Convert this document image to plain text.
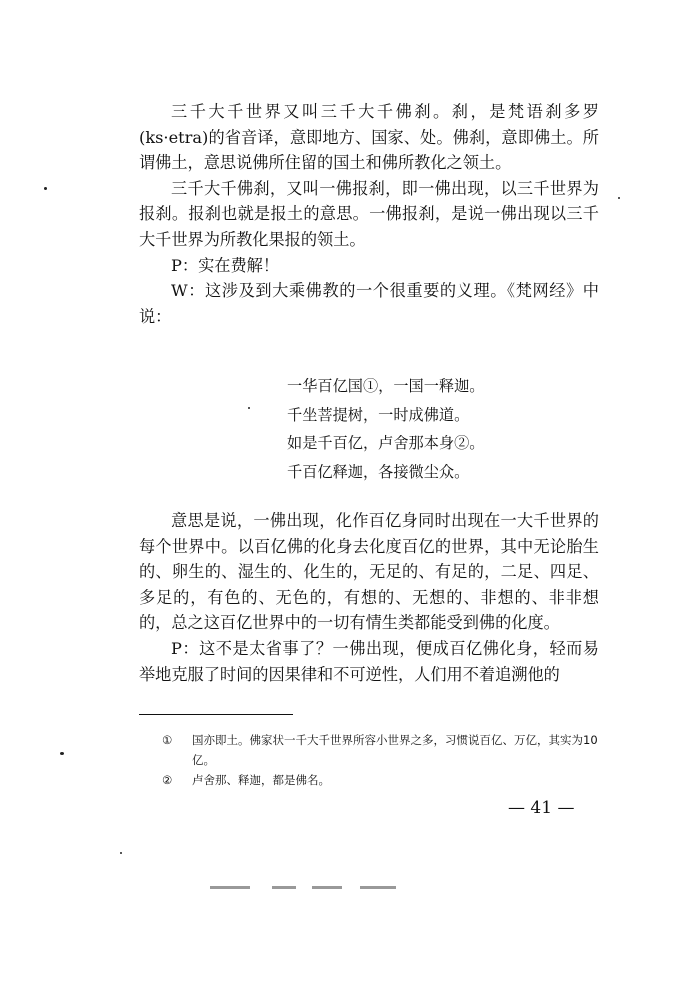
三千大千世界又叫三千大千佛刹。刹，是梵语刹多罗(ks·etra)的省音译，意即地方、国家、处。佛刹，意即佛土。所谓佛土，意思说佛所住留的国土和佛所教化之领土。

三千大千佛刹，又叫一佛报刹，即一佛出现，以三千世界为报刹。报刹也就是报土的意思。一佛报刹，是说一佛出现以三千大千世界为所教化果报的领土。

P：实在费解！

W：这涉及到大乘佛教的一个很重要的义理。《梵网经》中说：

一华百亿国①，一国一释迦。
千坐菩提树，一时成佛道。
如是千百亿，卢舍那本身②。
千百亿释迦，各接微尘众。

意思是说，一佛出现，化作百亿身同时出现在一大千世界的每个世界中。以百亿佛的化身去化度百亿的世界，其中无论胎生的、卵生的、湿生的、化生的，无足的、有足的，二足、四足、多足的，有色的、无色的，有想的、无想的、非想的、非非想的，总之这百亿世界中的一切有情生类都能受到佛的化度。

P：这不是太省事了？一佛出现，便成百亿佛化身，轻而易举地克服了时间的因果律和不可逆性，人们用不着追溯他的

① 国亦即土。佛家状一千大千世界所容小世界之多，习惯说百亿、万亿，其实为10亿。
② 卢舍那、释迦，都是佛名。
— 41 —
